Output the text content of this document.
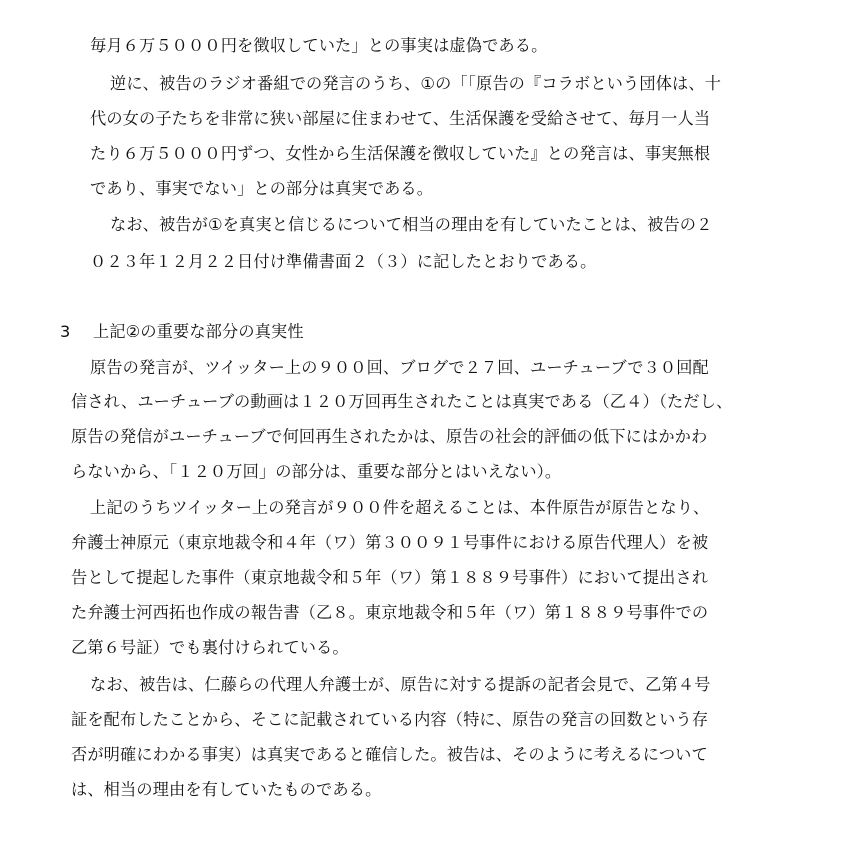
毎月６万５０００円を徴収していた」との事実は虚偽である。
逆に、被告のラジオ番組での発言のうち、①の「「原告の『コラボという団体は、十
代の女の子たちを非常に狭い部屋に住まわせて、生活保護を受給させて、毎月一人当
たり６万５０００円ずつ、女性から生活保護を徴収していた』との発言は、事実無根
であり、事実でない」との部分は真実である。
なお、被告が①を真実と信じるについて相当の理由を有していたことは、被告の２
０２３年１２月２２日付け準備書面２（３）に記したとおりである。
3 上記②の重要な部分の真実性
原告の発言が、ツイッター上の９００回、ブログで２７回、ユーチューブで３０回配
信され、ユーチューブの動画は１２０万回再生されたことは真実である（乙４）（ただし、
原告の発信がユーチューブで何回再生されたかは、原告の社会的評価の低下にはかかわ
らないから、「１２０万回」の部分は、重要な部分とはいえない）。
上記のうちツイッター上の発言が９００件を超えることは、本件原告が原告となり、
弁護士神原元（東京地裁令和４年（ワ）第３００９１号事件における原告代理人）を被
告として提起した事件（東京地裁令和５年（ワ）第１８８９号事件）において提出され
た弁護士河西拓也作成の報告書（乙８。東京地裁令和５年（ワ）第１８８９号事件での
乙第６号証）でも裏付けられている。
なお、被告は、仁藤らの代理人弁護士が、原告に対する提訴の記者会見で、乙第４号
証を配布したことから、そこに記載されている内容（特に、原告の発言の回数という存
否が明確にわかる事実）は真実であると確信した。被告は、そのように考えるについて
は、相当の理由を有していたものである。
